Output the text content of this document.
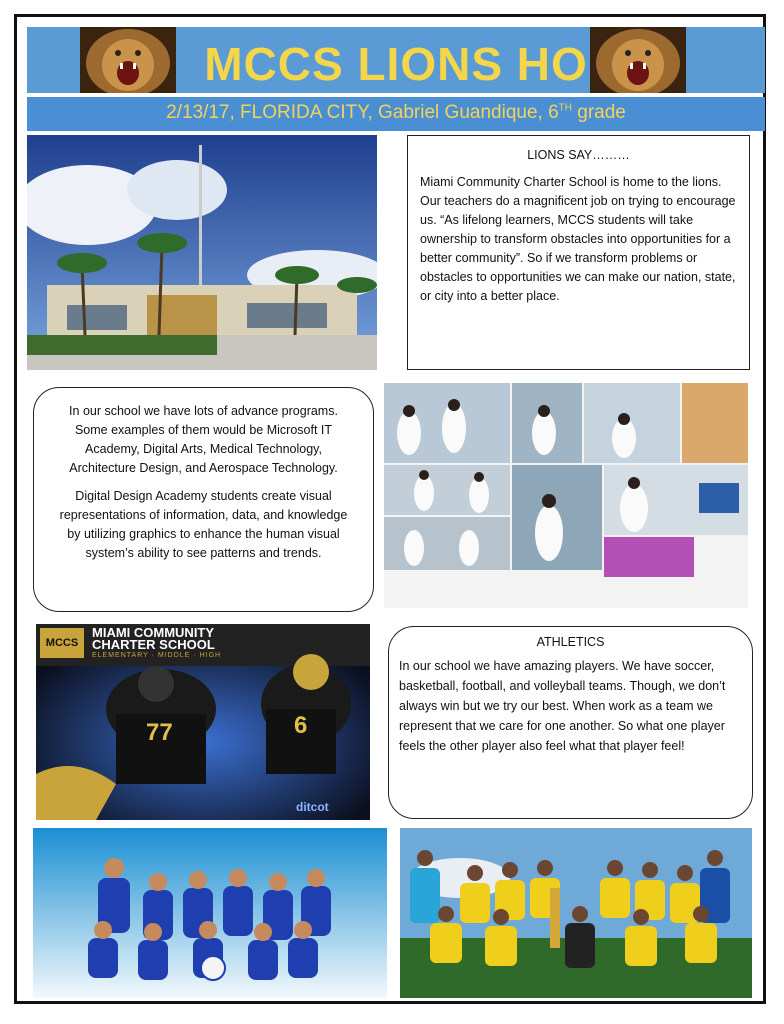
MCCS LIONS HO
2/13/17, FLORIDA CITY, Gabriel Guandique, 6TH grade
LIONS SAY………

Miami Community Charter School is home to the lions. Our teachers do a magnificent job on trying to encourage us. “As lifelong learners, MCCS students will take ownership to transform obstacles into opportunities for a better community”. So if we transform problems or obstacles to opportunities we can make our nation, state, or city into a better place.

In our school we have lots of advance programs. Some examples of them would be Microsoft IT Academy, Digital Arts, Medical Technology, Architecture Design, and Aerospace Technology.

Digital Design Academy students create visual representations of information, data, and knowledge by utilizing graphics to enhance the human visual system’s ability to see patterns and trends.

MCCS
MIAMI COMMUNITY
CHARTER SCHOOL
ELEMENTARY · MIDDLE · HIGH
77	6
ditcot
ATHLETICS

In our school we have amazing players. We have soccer, basketball, football, and volleyball teams. Though, we don’t always win but we try our best. When work as a team we represent that we care for one another. So what one player feels the other player also feel what that player feel!
